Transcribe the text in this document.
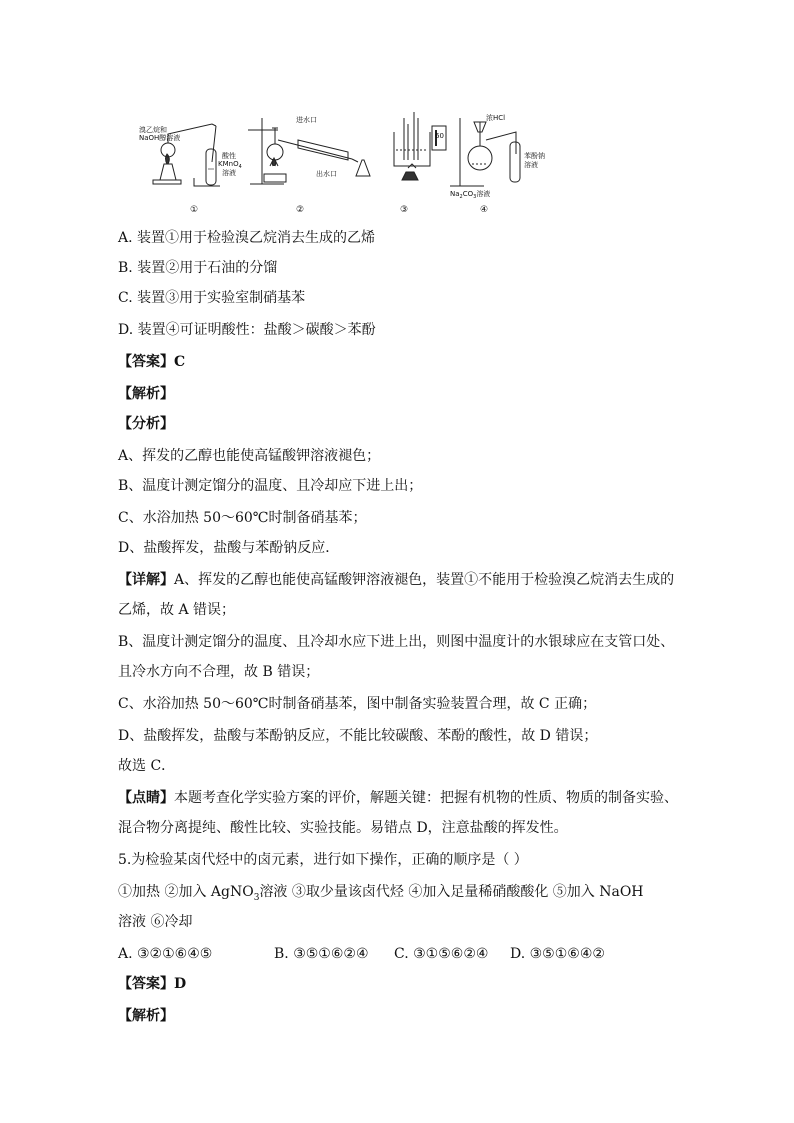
溴乙烷和
NaOH醇溶液
酸性
KMnO$_4$
溶液
进水口
出水口
60
浓HCl
苯酚钠
溶液
$Na_2CO_3$溶液
①	②	③	④
A. 装置①用于检验溴乙烷消去生成的乙烯
B. 装置②用于石油的分馏
C. 装置③用于实验室制硝基苯
D. 装置④可证明酸性：盐酸＞碳酸＞苯酚
【答案】C
【解析】
【分析】
A、挥发的乙醇也能使高锰酸钾溶液褪色；
B、温度计测定馏分的温度、且冷却应下进上出；
C、水浴加热 50～60℃时制备硝基苯；
D、盐酸挥发，盐酸与苯酚钠反应．
【详解】A、挥发的乙醇也能使高锰酸钾溶液褪色，装置①不能用于检验溴乙烷消去生成的
乙烯，故 A 错误；
B、温度计测定馏分的温度、且冷却水应下进上出，则图中温度计的水银球应在支管口处、
且冷水方向不合理，故 B 错误；
C、水浴加热 50～60℃时制备硝基苯，图中制备实验装置合理，故 C 正确；
D、盐酸挥发，盐酸与苯酚钠反应，不能比较碳酸、苯酚的酸性，故 D 错误；
故选 C．
【点睛】本题考查化学实验方案的评价，解题关键：把握有机物的性质、物质的制备实验、
混合物分离提纯、酸性比较、实验技能。易错点 D，注意盐酸的挥发性。
5.为检验某卤代烃中的卤元素，进行如下操作，正确的顺序是（ ）
①加热 ②加入 AgNO$_3$溶液 ③取少量该卤代烃 ④加入足量稀硝酸酸化 ⑤加入 NaOH
溶液 ⑥冷却
A. ③②①⑥④⑤	B. ③⑤①⑥②④ C. ③①⑤⑥②④ D. ③⑤①⑥④②
【答案】D
【解析】
